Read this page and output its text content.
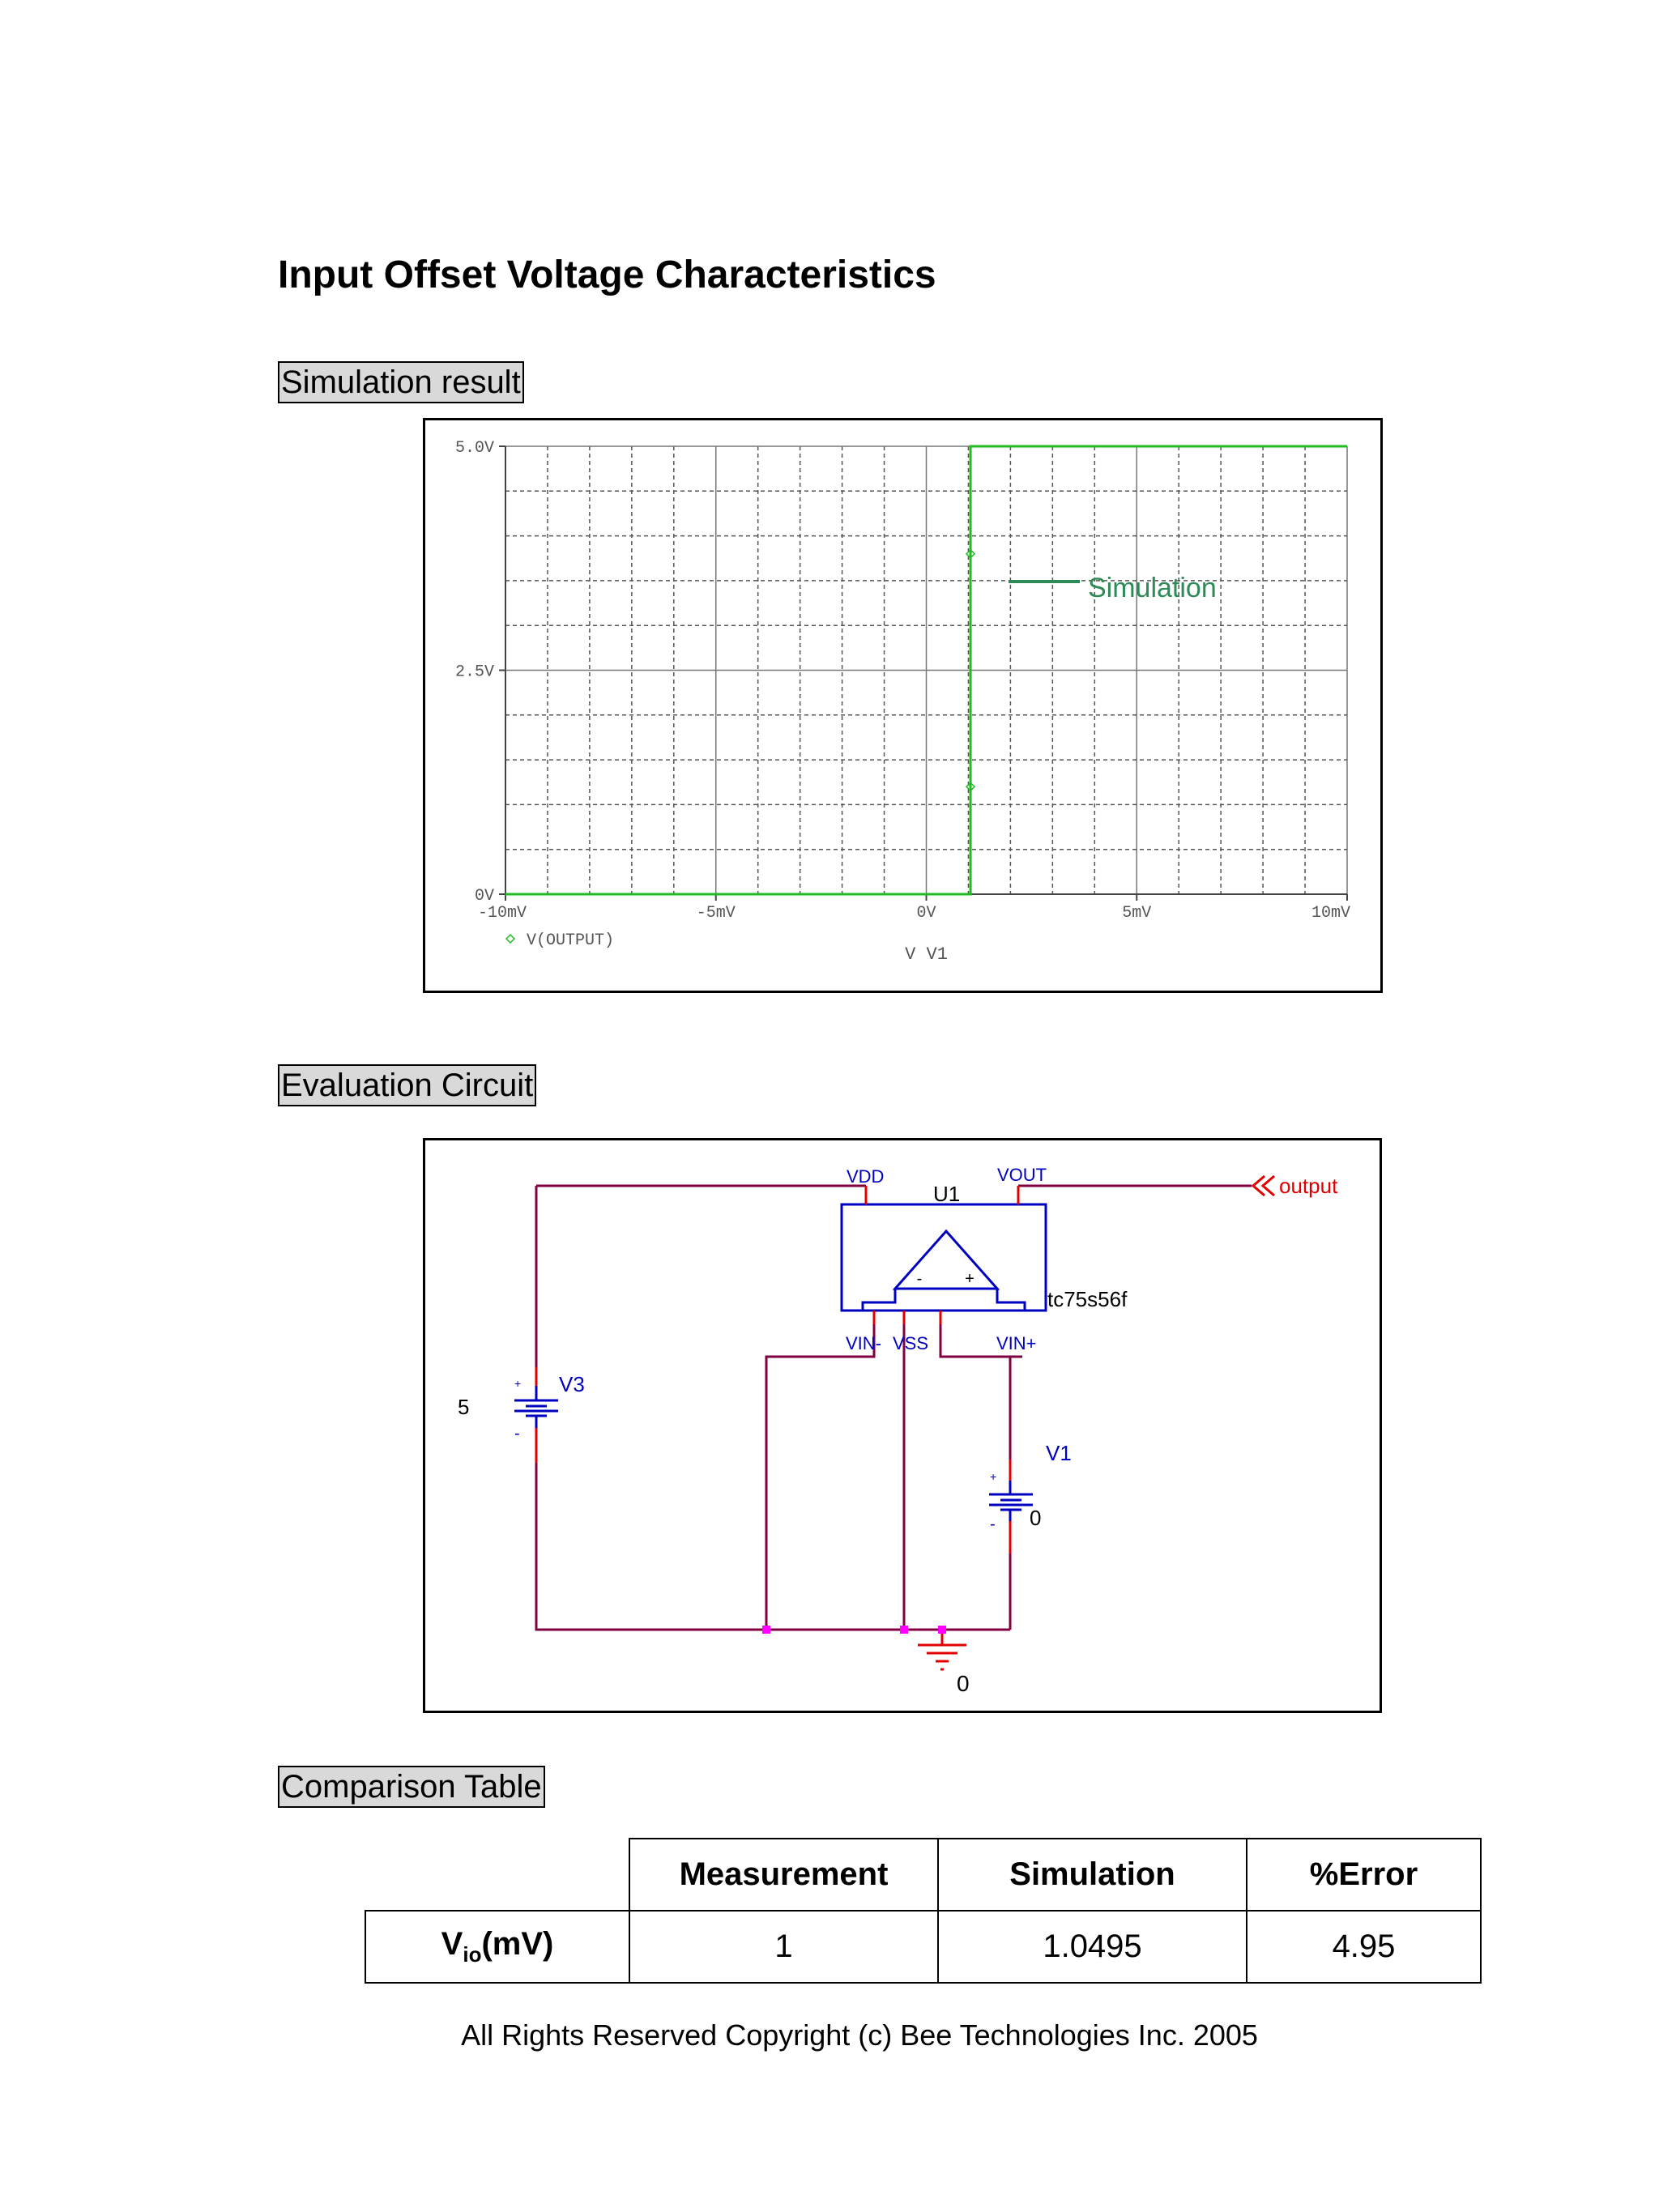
Input Offset Voltage Characteristics
Simulation result
0V
2.5V
5.0V
-10mV	-5mV	0V	5mV	10mV
V(OUTPUT)
V V1
Simulation
Evaluation Circuit
-	+
U1
tc75s56f
VDD	VOUT
VIN- VSS	VIN+
+
-
V3
5
+
-
V1
0
0
output
Comparison Table
	Measurement	Simulation	%Error
$V_{io}(mV)$	1	1.0495	4.95
All Rights Reserved Copyright (c) Bee Technologies Inc. 2005
